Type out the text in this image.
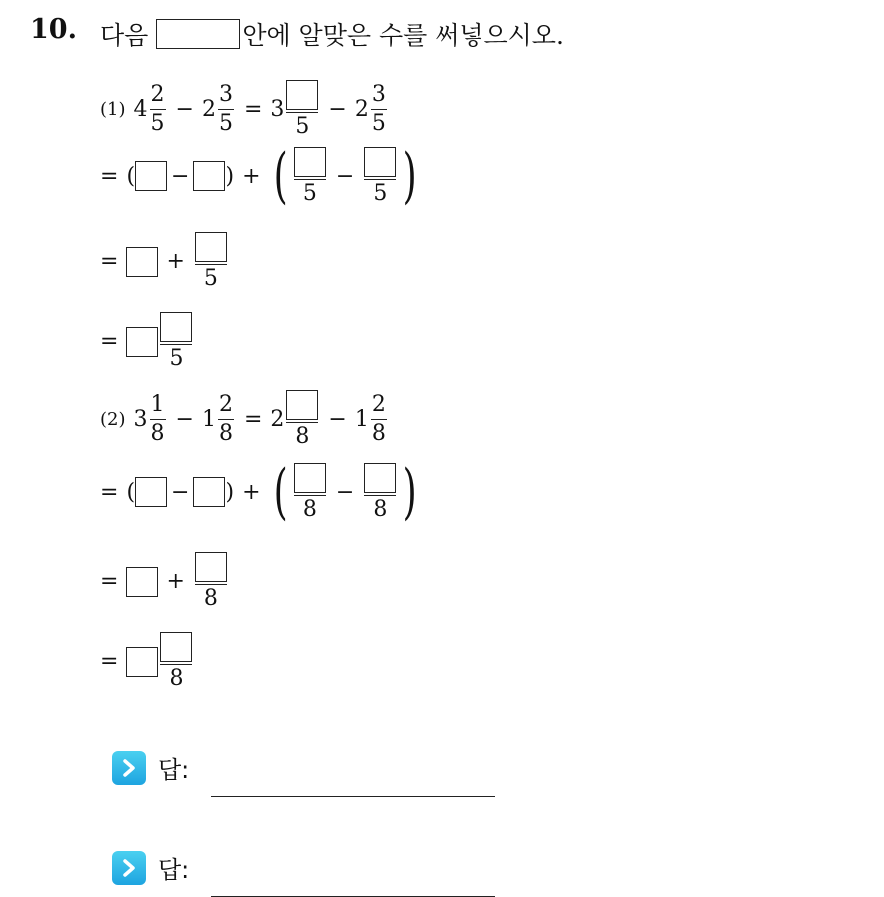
10. 다음	안에 알맞은 수를 써넣으시오.
(1) $4 \frac{2}{5} - 2 \frac{3}{5} = 3$
5
− $2 \frac{3}{5}$
= ( − ) + ( 5
−
5 )
= +
5
=
5
(2) $3 \frac{1}{8} - 1 \frac{2}{8} = 2$
8
− $1 \frac{2}{8}$
= ( − ) + ( 8
−
8 )
= +
8
=
8
답:
답:
